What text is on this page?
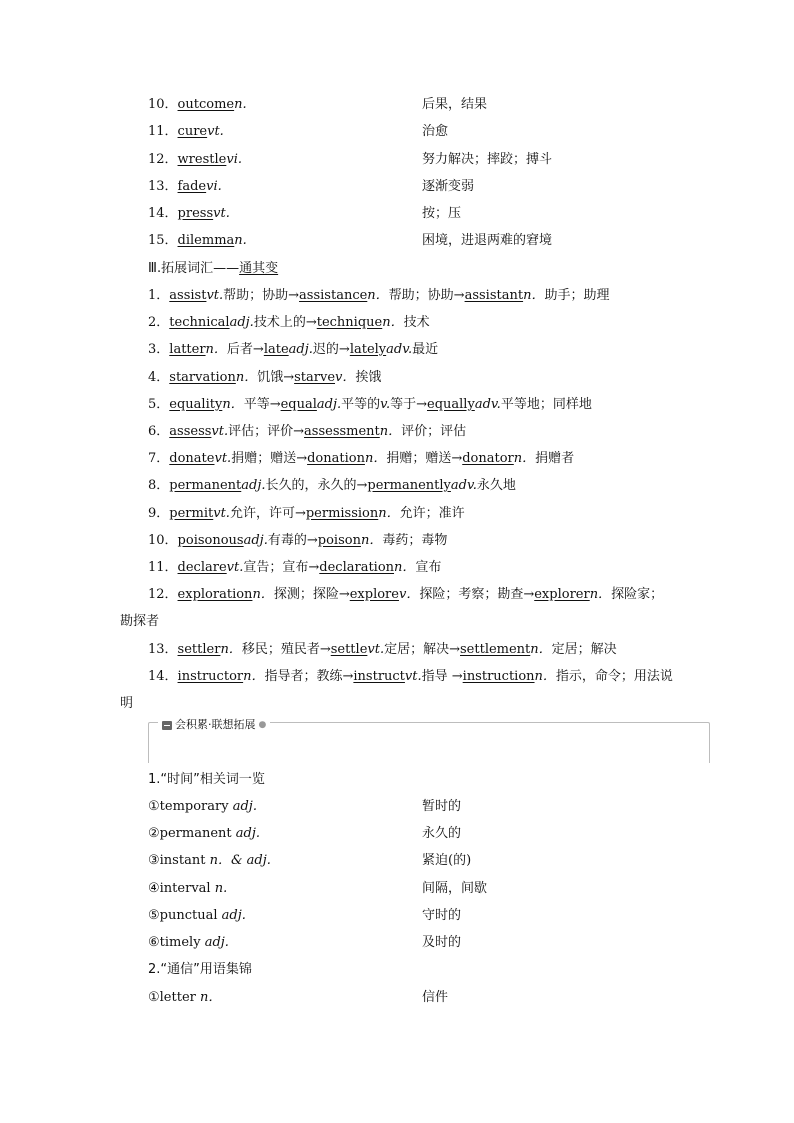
10．outcomen.	后果，结果
11．curevt.	治愈
12．wrestlevi.	努力解决；摔跤；搏斗
13．fadevi.	逐渐变弱
14．pressvt.	按；压
15．dilemman.	困境，进退两难的窘境
Ⅲ.拓展词汇——通其变
1．assistvt.帮助；协助→assistancen．帮助；协助→assistantn．助手；助理
2．technicaladj.技术上的→techniquen．技术
3．lattern．后者→lateadj.迟的→latelyadv.最近
4．starvationn．饥饿→starvev．挨饿
5．equalityn．平等→equaladj.平等的v.等于→equallyadv.平等地；同样地
6．assessvt.评估；评价→assessmentn．评价；评估
7．donatevt.捐赠；赠送→donationn．捐赠；赠送→donatorn．捐赠者
8．permanentadj.长久的，永久的→permanentlyadv.永久地
9．permitvt.允许，许可→permissionn．允许；准许
10．poisonousadj.有毒的→poisonn．毒药；毒物
11．declarevt.宣告；宣布→declarationn．宣布
12．explorationn．探测；探险→explorev．探险；考察；勘查→explorern．探险家；
勘探者
13．settlern．移民；殖民者→settlevt.定居；解决→settlementn．定居；解决
14．instructorn．指导者；教练→instructvt.指导 →instructionn．指示，命令；用法说
明
会积累·联想拓展 ●
1.“时间”相关词一览
①temporary adj.	暂时的
②permanent adj.	永久的
③instant n．& adj.	紧迫(的)
④interval n.	间隔，间歇
⑤punctual adj.	守时的
⑥timely adj.	及时的
2.“通信”用语集锦
①letter n．	信件
